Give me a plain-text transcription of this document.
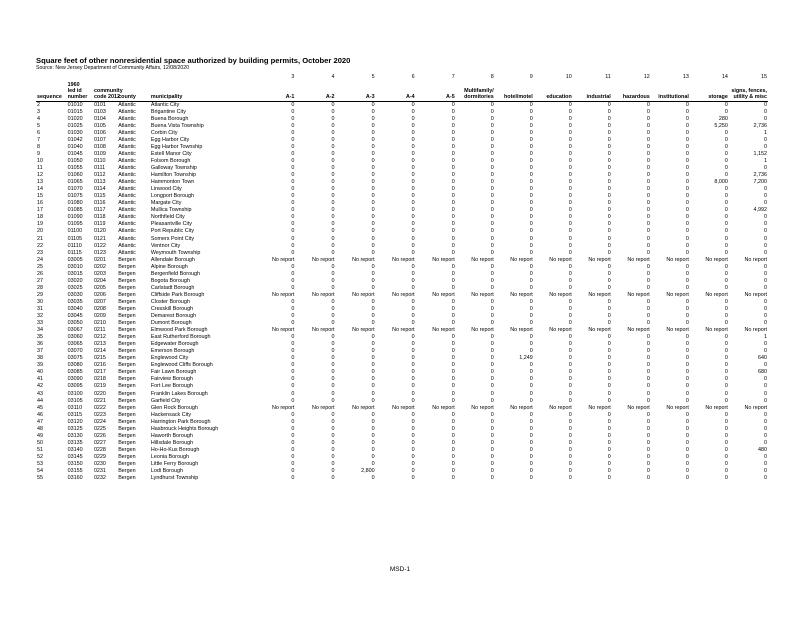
Square feet of other nonresidential space authorized by building permits, October 2020
Source: New Jersey Department of Community Affairs, 12/08/2020
					3	4	5	6	7	8	9	10	11	12	13	14	15
	1960																
	led id	community								Multifamily/							signs, fences,
sequence	number	code 2012	county	municipality	A-1	A-2	A-3	A-4	A-5	dormitories	hotel/motel	education	industrial	hazardous	institutional	storage	utility & misc
2	01010	0101	Atlantic	Atlantic City	0	0	0	0	0	0	0	0	0	0	0	0	0
3	01015	0103	Atlantic	Brigantine City	0	0	0	0	0	0	0	0	0	0	0	0	0
4	01020	0104	Atlantic	Buena Borough	0	0	0	0	0	0	0	0	0	0	0	280	0
5	01025	0105	Atlantic	Buena Vista Township	0	0	0	0	0	0	0	0	0	0	0	5,250	2,736
6	01030	0106	Atlantic	Corbin City	0	0	0	0	0	0	0	0	0	0	0	0	1
7	01042	0107	Atlantic	Egg Harbor City	0	0	0	0	0	0	0	0	0	0	0	0	0
8	01040	0108	Atlantic	Egg Harbor Township	0	0	0	0	0	0	0	0	0	0	0	0	0
9	01045	0109	Atlantic	Estell Manor City	0	0	0	0	0	0	0	0	0	0	0	0	1,152
10	01050	0110	Atlantic	Folsom Borough	0	0	0	0	0	0	0	0	0	0	0	0	1
11	01055	0111	Atlantic	Galloway Township	0	0	0	0	0	0	0	0	0	0	0	0	0
12	01060	0112	Atlantic	Hamilton Township	0	0	0	0	0	0	0	0	0	0	0	0	2,736
13	01065	0113	Atlantic	Hammonton Town	0	0	0	0	0	0	0	0	0	0	0	8,000	7,200
14	01070	0114	Atlantic	Linwood City	0	0	0	0	0	0	0	0	0	0	0	0	0
15	01075	0115	Atlantic	Longport Borough	0	0	0	0	0	0	0	0	0	0	0	0	0
16	01080	0116	Atlantic	Margate City	0	0	0	0	0	0	0	0	0	0	0	0	0
17	01085	0117	Atlantic	Mullica Township	0	0	0	0	0	0	0	0	0	0	0	0	4,992
18	01090	0118	Atlantic	Northfield City	0	0	0	0	0	0	0	0	0	0	0	0	0
19	01095	0119	Atlantic	Pleasantville City	0	0	0	0	0	0	0	0	0	0	0	0	0
20	01100	0120	Atlantic	Port Republic City	0	0	0	0	0	0	0	0	0	0	0	0	0
21	01105	0121	Atlantic	Somers Point City	0	0	0	0	0	0	0	0	0	0	0	0	0
22	01110	0122	Atlantic	Ventnor City	0	0	0	0	0	0	0	0	0	0	0	0	0
23	01115	0123	Atlantic	Weymouth Township	0	0	0	0	0	0	0	0	0	0	0	0	0
24	03005	0201	Bergen	Allendale Borough	No report	No report	No report	No report	No report	No report	No report	No report	No report	No report	No report	No report	No report
25	03010	0202	Bergen	Alpine Borough	0	0	0	0	0	0	0	0	0	0	0	0	0
26	03015	0203	Bergen	Bergenfield Borough	0	0	0	0	0	0	0	0	0	0	0	0	0
27	03020	0204	Bergen	Bogota Borough	0	0	0	0	0	0	0	0	0	0	0	0	0
28	03025	0205	Bergen	Carlstadt Borough	0	0	0	0	0	0	0	0	0	0	0	0	0
29	03030	0206	Bergen	Cliffside Park Borough	No report	No report	No report	No report	No report	No report	No report	No report	No report	No report	No report	No report	No report
30	03035	0207	Bergen	Closter Borough	0	0	0	0	0	0	0	0	0	0	0	0	0
31	03040	0208	Bergen	Cresskill Borough	0	0	0	0	0	0	0	0	0	0	0	0	0
32	03045	0209	Bergen	Demarest Borough	0	0	0	0	0	0	0	0	0	0	0	0	0
33	03050	0210	Bergen	Dumont Borough	0	0	0	0	0	0	0	0	0	0	0	0	0
34	03067	0211	Bergen	Elmwood Park Borough	No report	No report	No report	No report	No report	No report	No report	No report	No report	No report	No report	No report	No report
35	03060	0212	Bergen	East Rutherford Borough	0	0	0	0	0	0	0	0	0	0	0	0	1
36	03065	0213	Bergen	Edgewater Borough	0	0	0	0	0	0	0	0	0	0	0	0	0
37	03070	0214	Bergen	Emerson Borough	0	0	0	0	0	0	0	0	0	0	0	0	0
38	03075	0215	Bergen	Englewood City	0	0	0	0	0	0	1,249	0	0	0	0	0	640
39	03080	0216	Bergen	Englewood Cliffs Borough	0	0	0	0	0	0	0	0	0	0	0	0	0
40	03085	0217	Bergen	Fair Lawn Borough	0	0	0	0	0	0	0	0	0	0	0	0	680
41	03090	0218	Bergen	Fairview Borough	0	0	0	0	0	0	0	0	0	0	0	0	0
42	03095	0219	Bergen	Fort Lee Borough	0	0	0	0	0	0	0	0	0	0	0	0	0
43	03100	0220	Bergen	Franklin Lakes Borough	0	0	0	0	0	0	0	0	0	0	0	0	0
44	03105	0221	Bergen	Garfield City	0	0	0	0	0	0	0	0	0	0	0	0	0
45	03110	0222	Bergen	Glen Rock Borough	No report	No report	No report	No report	No report	No report	No report	No report	No report	No report	No report	No report	No report
46	03115	0223	Bergen	Hackensack City	0	0	0	0	0	0	0	0	0	0	0	0	0
47	03120	0224	Bergen	Harrington Park Borough	0	0	0	0	0	0	0	0	0	0	0	0	0
48	03125	0225	Bergen	Hasbrouck Heights Borough	0	0	0	0	0	0	0	0	0	0	0	0	0
49	03130	0226	Bergen	Haworth Borough	0	0	0	0	0	0	0	0	0	0	0	0	0
50	03135	0227	Bergen	Hillsdale Borough	0	0	0	0	0	0	0	0	0	0	0	0	0
51	03140	0228	Bergen	Ho-Ho-Kus Borough	0	0	0	0	0	0	0	0	0	0	0	0	480
52	03145	0229	Bergen	Leonia Borough	0	0	0	0	0	0	0	0	0	0	0	0	0
53	03150	0230	Bergen	Little Ferry Borough	0	0	0	0	0	0	0	0	0	0	0	0	0
54	03155	0231	Bergen	Lodi Borough	0	0	2,800	0	0	0	0	0	0	0	0	0	0
55	03160	0232	Bergen	Lyndhurst Township	0	0	0	0	0	0	0	0	0	0	0	0	0
MSD-1
